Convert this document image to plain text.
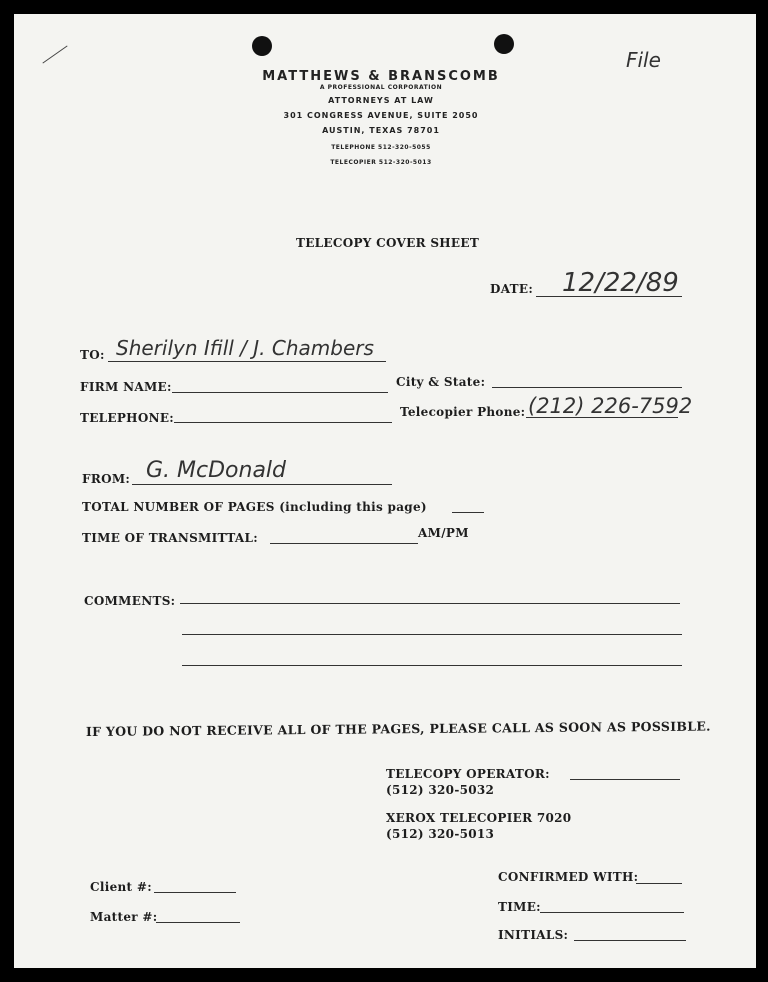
File
MATTHEWS & BRANSCOMB
A PROFESSIONAL CORPORATION
ATTORNEYS AT LAW
301 CONGRESS AVENUE, SUITE 2050
AUSTIN, TEXAS 78701
TELEPHONE 512-320-5055
TELECOPIER 512-320-5013
TELECOPY COVER SHEET
DATE: 12/22/89
TO: Sherilyn Ifill / J. Chambers
FIRM NAME:	City & State:
TELEPHONE:	Telecopier Phone: (212) 226-7592
FROM: G. McDonald
TOTAL NUMBER OF PAGES (including this page)
TIME OF TRANSMITTAL:	AM/PM
COMMENTS:
IF YOU DO NOT RECEIVE ALL OF THE PAGES, PLEASE CALL AS SOON AS POSSIBLE.
TELECOPY OPERATOR:
(512) 320-5032
XEROX TELECOPIER 7020
(512) 320-5013
Client #:
Matter #:
CONFIRMED WITH:
TIME:
INITIALS:
